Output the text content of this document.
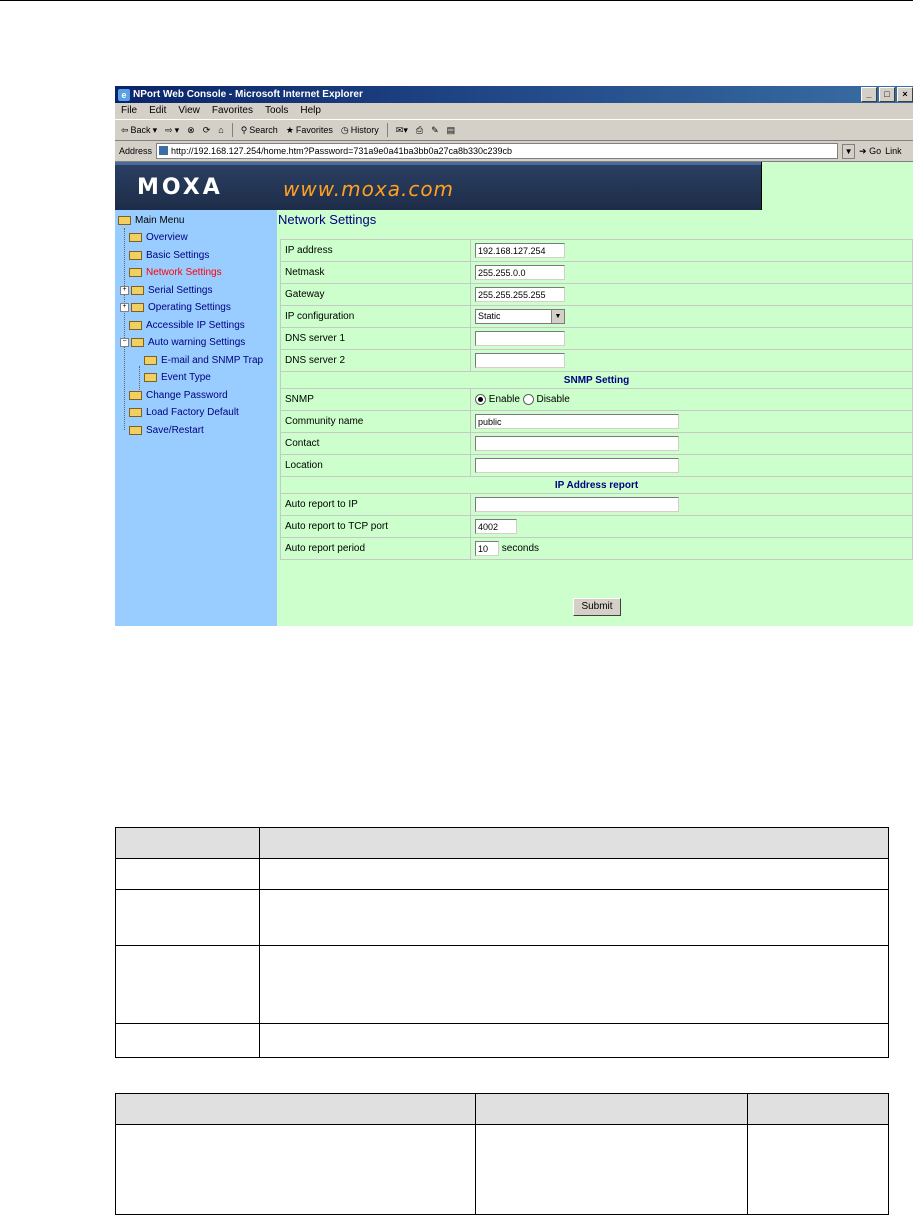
e NPort Web Console - Microsoft Internet Explorer	_	□	×
File Edit View Favorites Tools Help
⇦ Back ▾ ⇨ ▾ ⊗ ⟳ ⌂ ⚲ Search ★ Favorites ◷ History ✉▾ ⎙ ✎ ▤
Address	http://192.168.127.254/home.htm?Password=731a9e0a41ba3bb0a27ca8b330c239cb	▼ ➜ Go Link
MOXA	www.moxa.com
Main Menu
Overview
Basic Settings
Network Settings
+ Serial Settings
+ Operating Settings
Accessible IP Settings
− Auto warning Settings
E-mail and SNMP Trap
Event Type
Change Password
Load Factory Default
Save/Restart
Network Settings
IP address	192.168.127.254
Netmask	255.255.0.0
Gateway	255.255.255.255
IP configuration	Static ▼

DNS server 1	
DNS server 2	
SNMP Setting	
SNMP	Enable Disable
Community name	public
Contact	
Location	
IP Address report	
Auto report to IP	
Auto report to TCP port	4002
Auto report period	10 seconds
Submit
